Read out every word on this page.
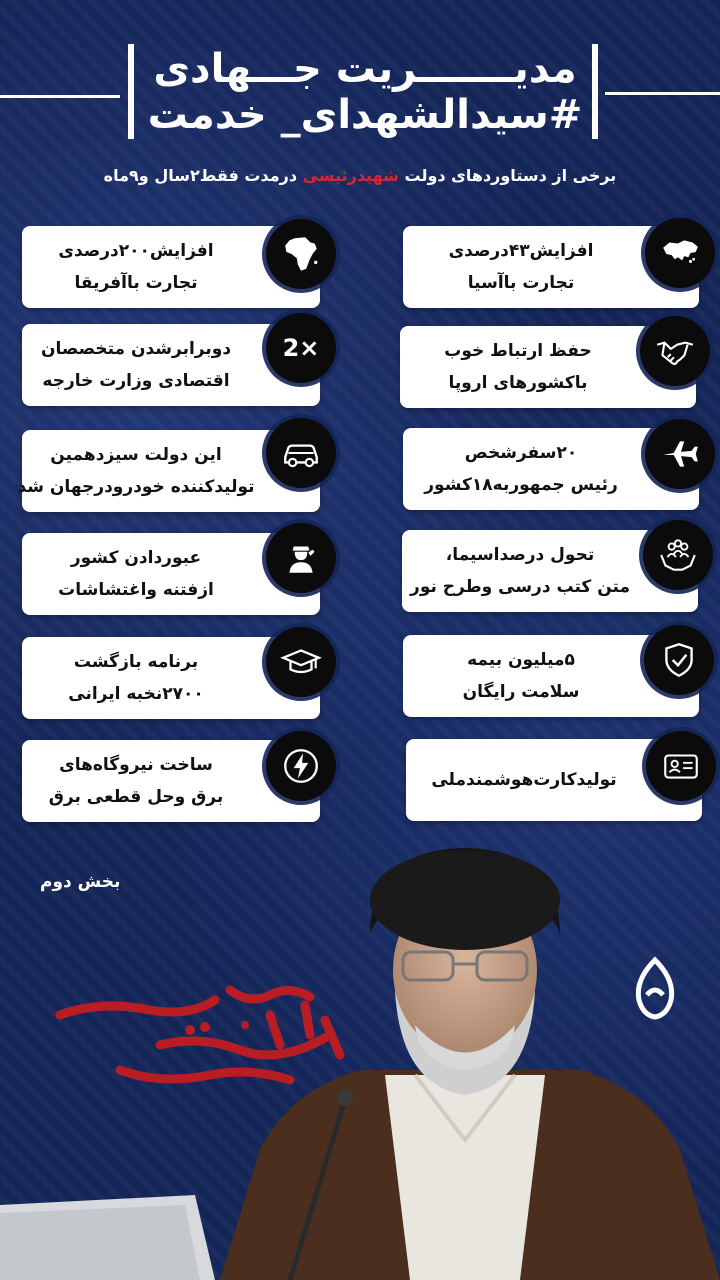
مدیـــــــریت جـــهادی
#سیدالشهدای_ خدمت
برخی از دستاوردهای دولت شهیدرئیسی درمدت فقط۲سال و۹ماه
افزایش۲۰۰درصدی
تجارت باآفریقا
دوبرابرشدن متخصصان
اقتصادی وزارت خارجه
2×
این دولت سیزدهمین
تولیدکننده خودرودرجهان شد
عبوردادن کشور
ازفتنه واغتشاشات
برنامه بازگشت
۲۷۰۰نخبه ایرانی
ساخت نیروگاه‌های
برق وحل قطعی برق
افزایش۴۳درصدی
تجارت باآسیا
حفظ ارتباط خوب
باکشورهای اروپا
۲۰سفرشخص
رئیس جمهوربه۱۸کشور
تحول درصداسیما،
متن کتب درسی وطرح نور
۵میلیون بیمه
سلامت رایگان
تولیدکارت‌هوشمندملی
بخش دوم
